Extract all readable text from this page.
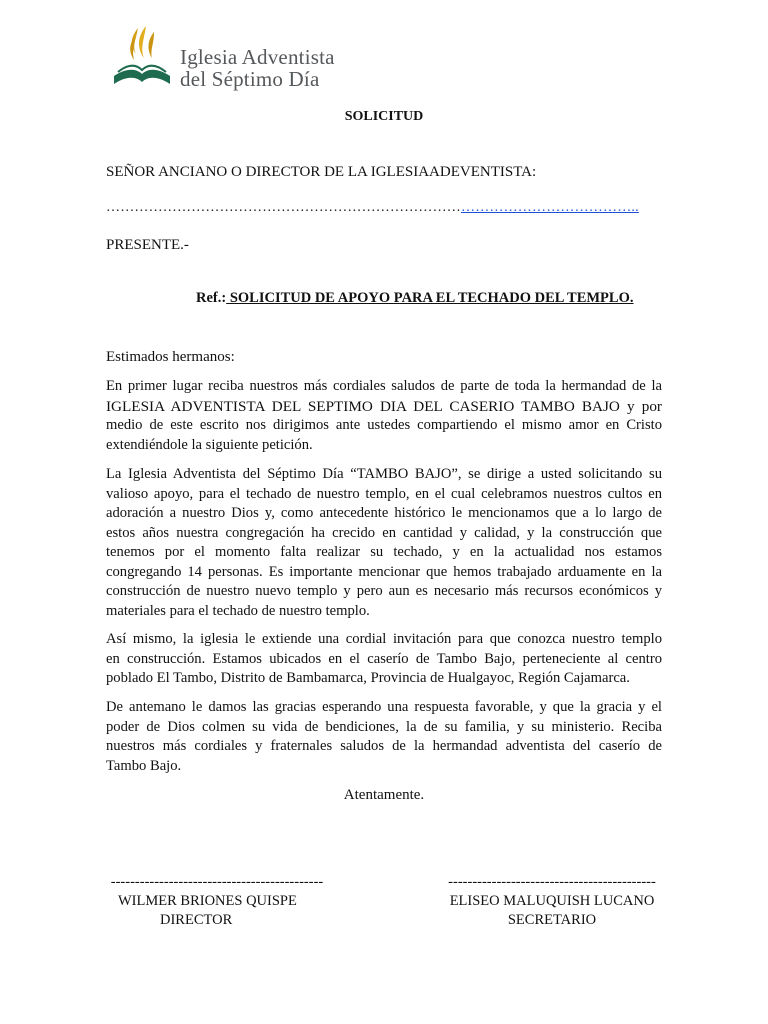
Iglesia Adventista
del Séptimo Día
SOLICITUD
SEÑOR ANCIANO O DIRECTOR DE LA IGLESIAADEVENTISTA:
…………………………………………………………………………………………………..
PRESENTE.-
Ref.: SOLICITUD DE APOYO PARA EL TECHADO DEL TEMPLO.
Estimados hermanos:
En primer lugar reciba nuestros más cordiales saludos de parte de toda la hermandad de la
IGLESIA ADVENTISTA DEL SEPTIMO DIA DEL CASERIO TAMBO BAJO y por
medio de este escrito nos dirigimos ante ustedes compartiendo el mismo amor en Cristo
extendiéndole la siguiente petición.
La Iglesia Adventista del Séptimo Día “TAMBO BAJO”, se dirige a usted solicitando su
valioso apoyo, para el techado de nuestro templo, en el cual celebramos nuestros cultos en
adoración a nuestro Dios y, como antecedente histórico le mencionamos que a lo largo de
estos años nuestra congregación ha crecido en cantidad y calidad, y la construcción que
tenemos por el momento falta realizar su techado, y en la actualidad nos estamos
congregando 14 personas. Es importante mencionar que hemos trabajado arduamente en la
construcción de nuestro nuevo templo y pero aun es necesario más recursos económicos y
materiales para el techado de nuestro templo.
Así mismo, la iglesia le extiende una cordial invitación para que conozca nuestro templo
en construcción. Estamos ubicados en el caserío de Tambo Bajo, perteneciente al centro
poblado El Tambo, Distrito de Bambamarca, Provincia de Hualgayoc, Región Cajamarca.
De antemano le damos las gracias esperando una respuesta favorable, y que la gracia y el
poder de Dios colmen su vida de bendiciones, la de su familia, y su ministerio. Reciba
nuestros más cordiales y fraternales saludos de la hermandad adventista del caserío de
Tambo Bajo.
Atentamente.
--------------------------------------------
WILMER BRIONES QUISPE
DIRECTOR
-------------------------------------------
ELISEO MALUQUISH LUCANO
SECRETARIO
